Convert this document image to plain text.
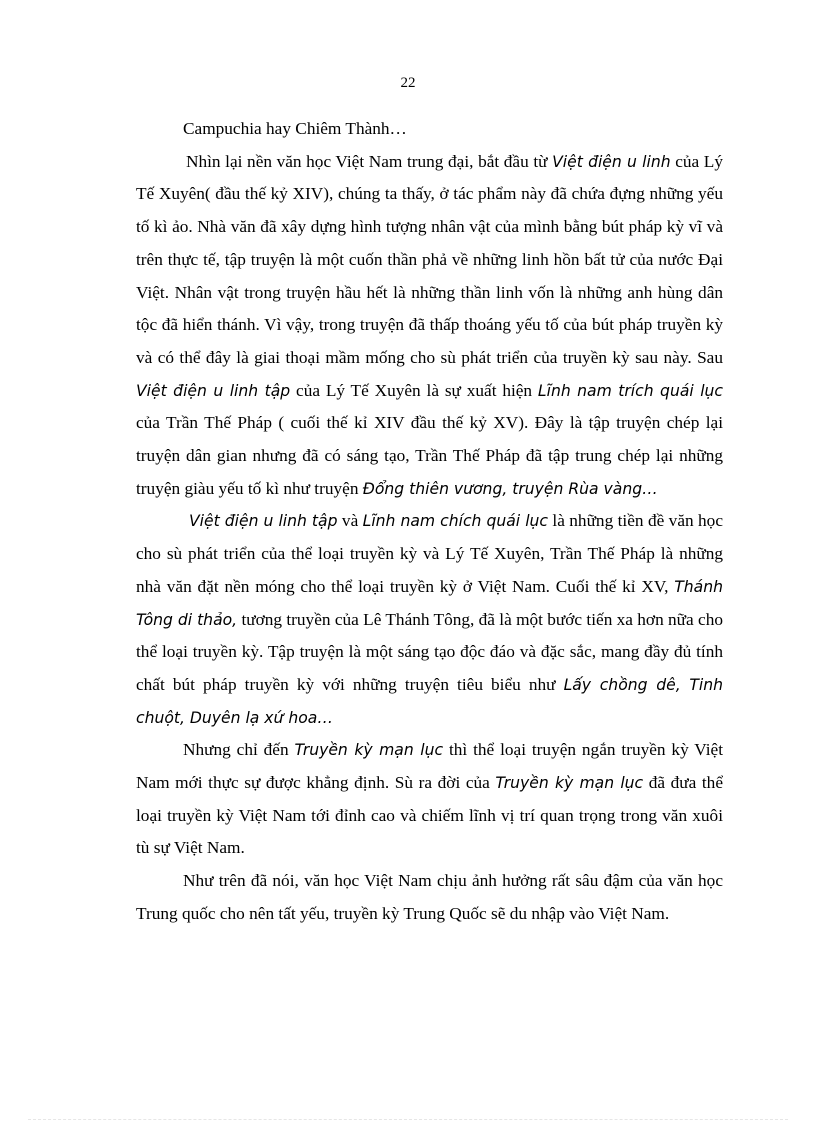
22

Campuchia hay Chiêm Thành…

Nhìn lại nền văn học Việt Nam trung đại, bắt đầu từ Việt điện u linh của Lý Tế Xuyên( đầu thế kỷ XIV), chúng ta thấy, ở tác phẩm này đã chứa đựng những yếu tố kì ảo. Nhà văn đã xây dựng hình tượng nhân vật của mình bằng bút pháp kỳ vĩ và trên thực tế, tập truyện là một cuốn thần phả về những linh hồn bất tử của nước Đại Việt. Nhân vật trong truyện hầu hết là những thần linh vốn là những anh hùng dân tộc đã hiển thánh. Vì vậy, trong truyện đã thấp thoáng yếu tố của bút pháp truyền kỳ và có thể đây là giai thoại mầm mống cho sù phát triển của truyền kỳ sau này. Sau Việt điện u linh tập của Lý Tế Xuyên là sự xuất hiện Lĩnh nam trích quái lục của Trần Thế Pháp ( cuối thế kỉ XIV đầu thế kỷ XV). Đây là tập truyện chép lại truyện dân gian nhưng đã có sáng tạo, Trần Thế Pháp đã tập trung chép lại những truyện giàu yếu tố kì như truyện Đổng thiên vương, truyện Rùa vàng…

Việt điện u linh tập và Lĩnh nam chích quái lục là những tiền đề văn học cho sù phát triển của thể loại truyền kỳ và Lý Tế Xuyên, Trần Thế Pháp là những nhà văn đặt nền móng cho thể loại truyền kỳ ở Việt Nam. Cuối thế kỉ XV, Thánh Tông di thảo, tương truyền của Lê Thánh Tông, đã là một bước tiến xa hơn nữa cho thể loại truyền kỳ. Tập truyện là một sáng tạo độc đáo và đặc sắc, mang đầy đủ tính chất bút pháp truyền kỳ với những truyện tiêu biểu như Lấy chồng dê, Tinh chuột, Duyên lạ xứ hoa…

Nhưng chỉ đến Truyền kỳ mạn lục thì thể loại truyện ngắn truyền kỳ Việt Nam mới thực sự được khẳng định. Sù ra đời của Truyền kỳ mạn lục đã đưa thể loại truyền kỳ Việt Nam tới đỉnh cao và chiếm lĩnh vị trí quan trọng trong văn xuôi tù sự Việt Nam.

Như trên đã nói, văn học Việt Nam chịu ảnh hưởng rất sâu đậm của văn học Trung quốc cho nên tất yếu, truyền kỳ Trung Quốc sẽ du nhập vào Việt Nam.
